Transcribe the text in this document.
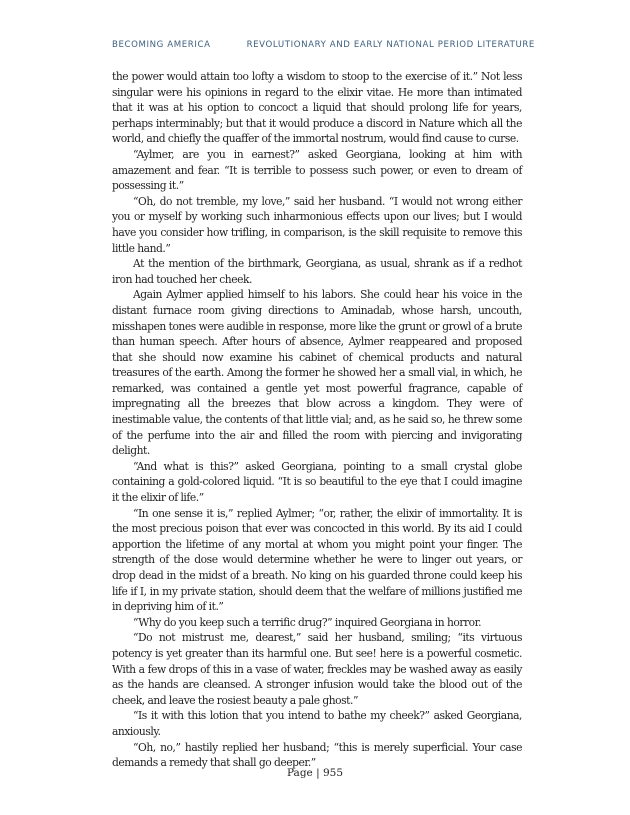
BECOMING AMERICA	REVOLUTIONARY AND EARLY NATIONAL PERIOD LITERATURE

the power would attain too lofty a wisdom to stoop to the exercise of it.” Not less singular were his opinions in regard to the elixir vitae. He more than intimated that it was at his option to concoct a liquid that should prolong life for years, perhaps interminably; but that it would produce a discord in Nature which all the world, and chiefly the quaffer of the immortal nostrum, would find cause to curse.

“Aylmer, are you in earnest?” asked Georgiana, looking at him with amazement and fear. “It is terrible to possess such power, or even to dream of possessing it.”

“Oh, do not tremble, my love,” said her husband. “I would not wrong either you or myself by working such inharmonious effects upon our lives; but I would have you consider how trifling, in comparison, is the skill requisite to remove this little hand.”

At the mention of the birthmark, Georgiana, as usual, shrank as if a redhot iron had touched her cheek.

Again Aylmer applied himself to his labors. She could hear his voice in the distant furnace room giving directions to Aminadab, whose harsh, uncouth, misshapen tones were audible in response, more like the grunt or growl of a brute than human speech. After hours of absence, Aylmer reappeared and proposed that she should now examine his cabinet of chemical products and natural treasures of the earth. Among the former he showed her a small vial, in which, he remarked, was contained a gentle yet most powerful fragrance, capable of impregnating all the breezes that blow across a kingdom. They were of inestimable value, the contents of that little vial; and, as he said so, he threw some of the perfume into the air and filled the room with piercing and invigorating delight.

“And what is this?” asked Georgiana, pointing to a small crystal globe containing a gold-colored liquid. “It is so beautiful to the eye that I could imagine it the elixir of life.”

“In one sense it is,” replied Aylmer; “or, rather, the elixir of immortality. It is the most precious poison that ever was concocted in this world. By its aid I could apportion the lifetime of any mortal at whom you might point your finger. The strength of the dose would determine whether he were to linger out years, or drop dead in the midst of a breath. No king on his guarded throne could keep his life if I, in my private station, should deem that the welfare of millions justified me in depriving him of it.”

“Why do you keep such a terrific drug?” inquired Georgiana in horror.

“Do not mistrust me, dearest,” said her husband, smiling; “its virtuous potency is yet greater than its harmful one. But see! here is a powerful cosmetic. With a few drops of this in a vase of water, freckles may be washed away as easily as the hands are cleansed. A stronger infusion would take the blood out of the cheek, and leave the rosiest beauty a pale ghost.”

“Is it with this lotion that you intend to bathe my cheek?” asked Georgiana, anxiously.

“Oh, no,” hastily replied her husband; “this is merely superficial. Your case demands a remedy that shall go deeper.”

Page | 955
